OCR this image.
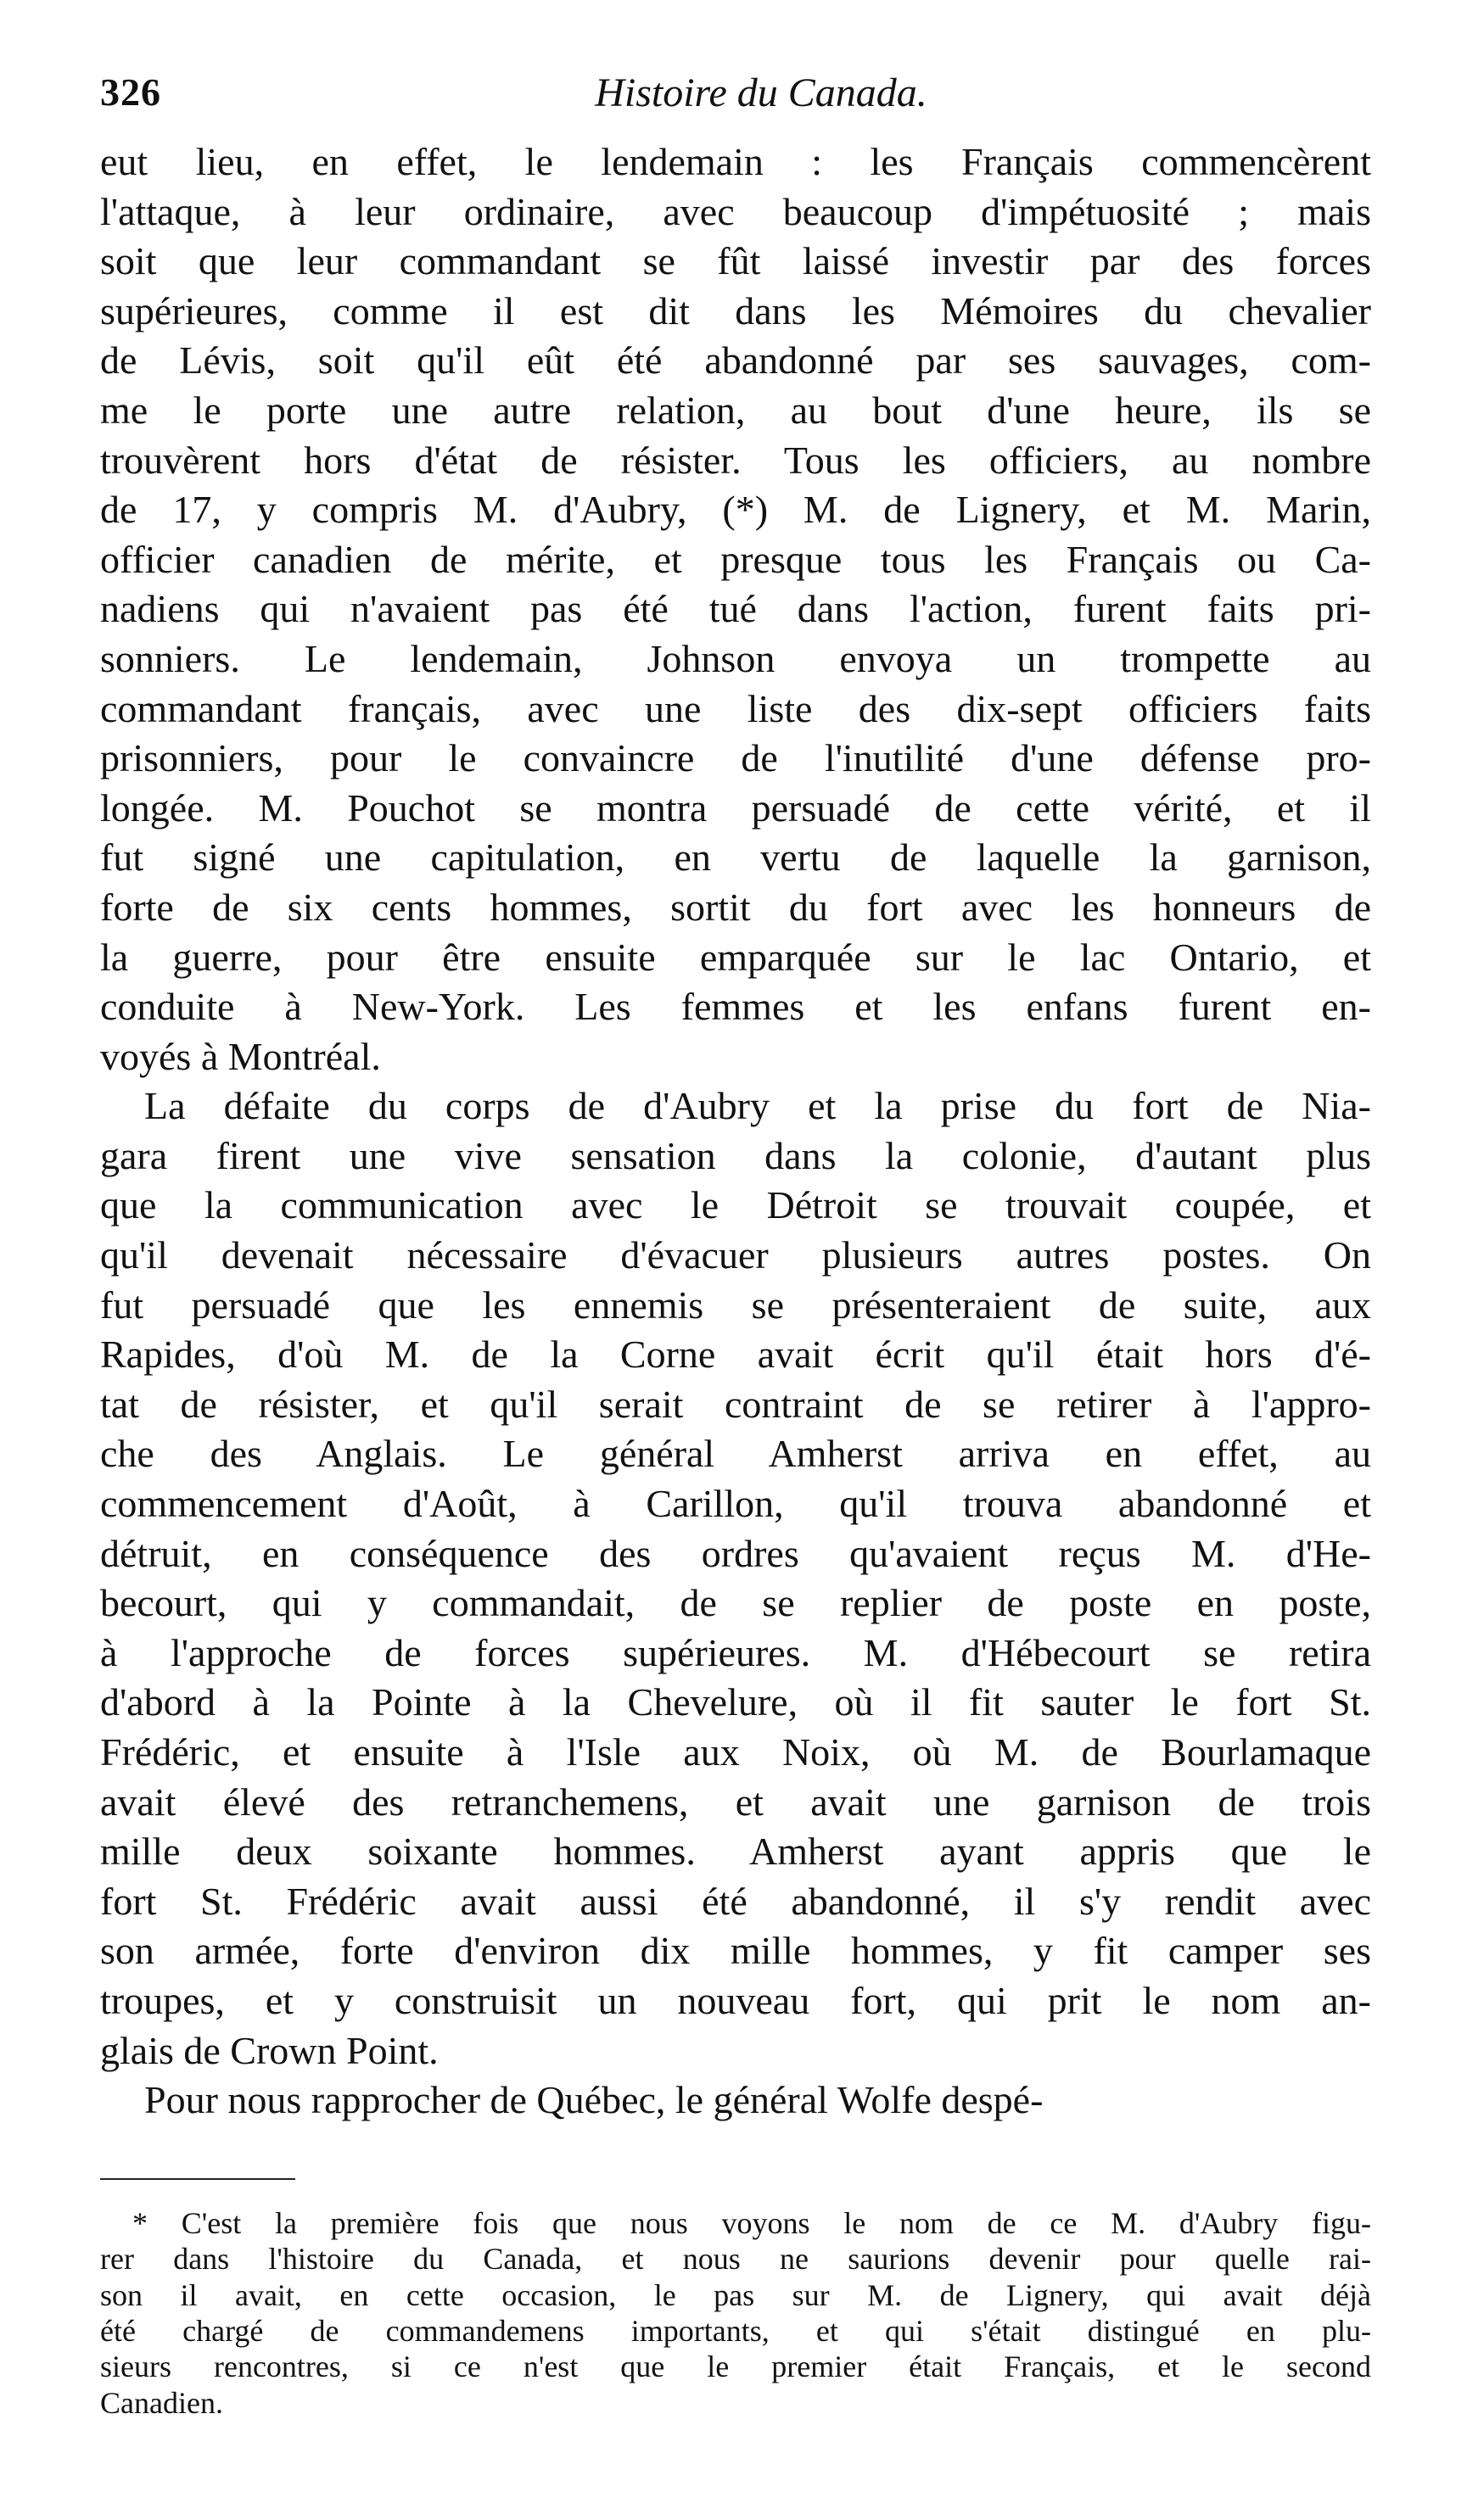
326	Histoire du Canada.
eut lieu, en effet, le lendemain : les Français commencèrent
l'attaque, à leur ordinaire, avec beaucoup d'impétuosité ; mais
soit que leur commandant se fût laissé investir par des forces
supérieures, comme il est dit dans les Mémoires du chevalier
de Lévis, soit qu'il eût été abandonné par ses sauvages, com-
me le porte une autre relation, au bout d'une heure, ils se
trouvèrent hors d'état de résister. Tous les officiers, au nombre
de 17, y compris M. d'Aubry, (*) M. de Lignery, et M. Marin,
officier canadien de mérite, et presque tous les Français ou Ca-
nadiens qui n'avaient pas été tué dans l'action, furent faits pri-
sonniers. Le lendemain, Johnson envoya un trompette au
commandant français, avec une liste des dix-sept officiers faits
prisonniers, pour le convaincre de l'inutilité d'une défense pro-
longée. M. Pouchot se montra persuadé de cette vérité, et il
fut signé une capitulation, en vertu de laquelle la garnison,
forte de six cents hommes, sortit du fort avec les honneurs de
la guerre, pour être ensuite emparquée sur le lac Ontario, et
conduite à New-York. Les femmes et les enfans furent en-
voyés à Montréal.
La défaite du corps de d'Aubry et la prise du fort de Nia-
gara firent une vive sensation dans la colonie, d'autant plus
que la communication avec le Détroit se trouvait coupée, et
qu'il devenait nécessaire d'évacuer plusieurs autres postes. On
fut persuadé que les ennemis se présenteraient de suite, aux
Rapides, d'où M. de la Corne avait écrit qu'il était hors d'é-
tat de résister, et qu'il serait contraint de se retirer à l'appro-
che des Anglais. Le général Amherst arriva en effet, au
commencement d'Août, à Carillon, qu'il trouva abandonné et
détruit, en conséquence des ordres qu'avaient reçus M. d'He-
becourt, qui y commandait, de se replier de poste en poste,
à l'approche de forces supérieures. M. d'Hébecourt se retira
d'abord à la Pointe à la Chevelure, où il fit sauter le fort St.
Frédéric, et ensuite à l'Isle aux Noix, où M. de Bourlamaque
avait élevé des retranchemens, et avait une garnison de trois
mille deux soixante hommes. Amherst ayant appris que le
fort St. Frédéric avait aussi été abandonné, il s'y rendit avec
son armée, forte d'environ dix mille hommes, y fit camper ses
troupes, et y construisit un nouveau fort, qui prit le nom an-
glais de Crown Point.
Pour nous rapprocher de Québec, le général Wolfe despé-
* C'est la première fois que nous voyons le nom de ce M. d'Aubry figu-
rer dans l'histoire du Canada, et nous ne saurions devenir pour quelle rai-
son il avait, en cette occasion, le pas sur M. de Lignery, qui avait déjà
été chargé de commandemens importants, et qui s'était distingué en plu-
sieurs rencontres, si ce n'est que le premier était Français, et le second
Canadien.
